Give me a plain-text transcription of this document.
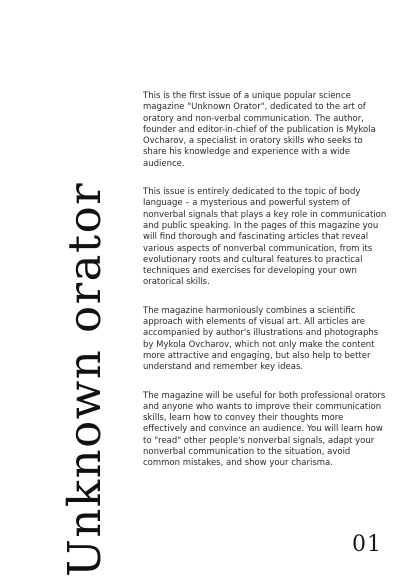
Unknown orator

This is the first issue of a unique popular science magazine "Unknown Orator", dedicated to the art of oratory and non-verbal communication. The author, founder and editor-in-chief of the publication is Mykola Ovcharov, a specialist in oratory skills who seeks to share his knowledge and experience with a wide audience.

This issue is entirely dedicated to the topic of body language – a mysterious and powerful system of nonverbal signals that plays a key role in communication and public speaking. In the pages of this magazine you will find thorough and fascinating articles that reveal various aspects of nonverbal communication, from its evolutionary roots and cultural features to practical techniques and exercises for developing your own oratorical skills.

The magazine harmoniously combines a scientific approach with elements of visual art. All articles are accompanied by author's illustrations and photographs by Mykola Ovcharov, which not only make the content more attractive and engaging, but also help to better understand and remember key ideas.

The magazine will be useful for both professional orators and anyone who wants to improve their communication skills, learn how to convey their thoughts more effectively and convince an audience. You will learn how to "read" other people's nonverbal signals, adapt your nonverbal communication to the situation, avoid common mistakes, and show your charisma.

01
